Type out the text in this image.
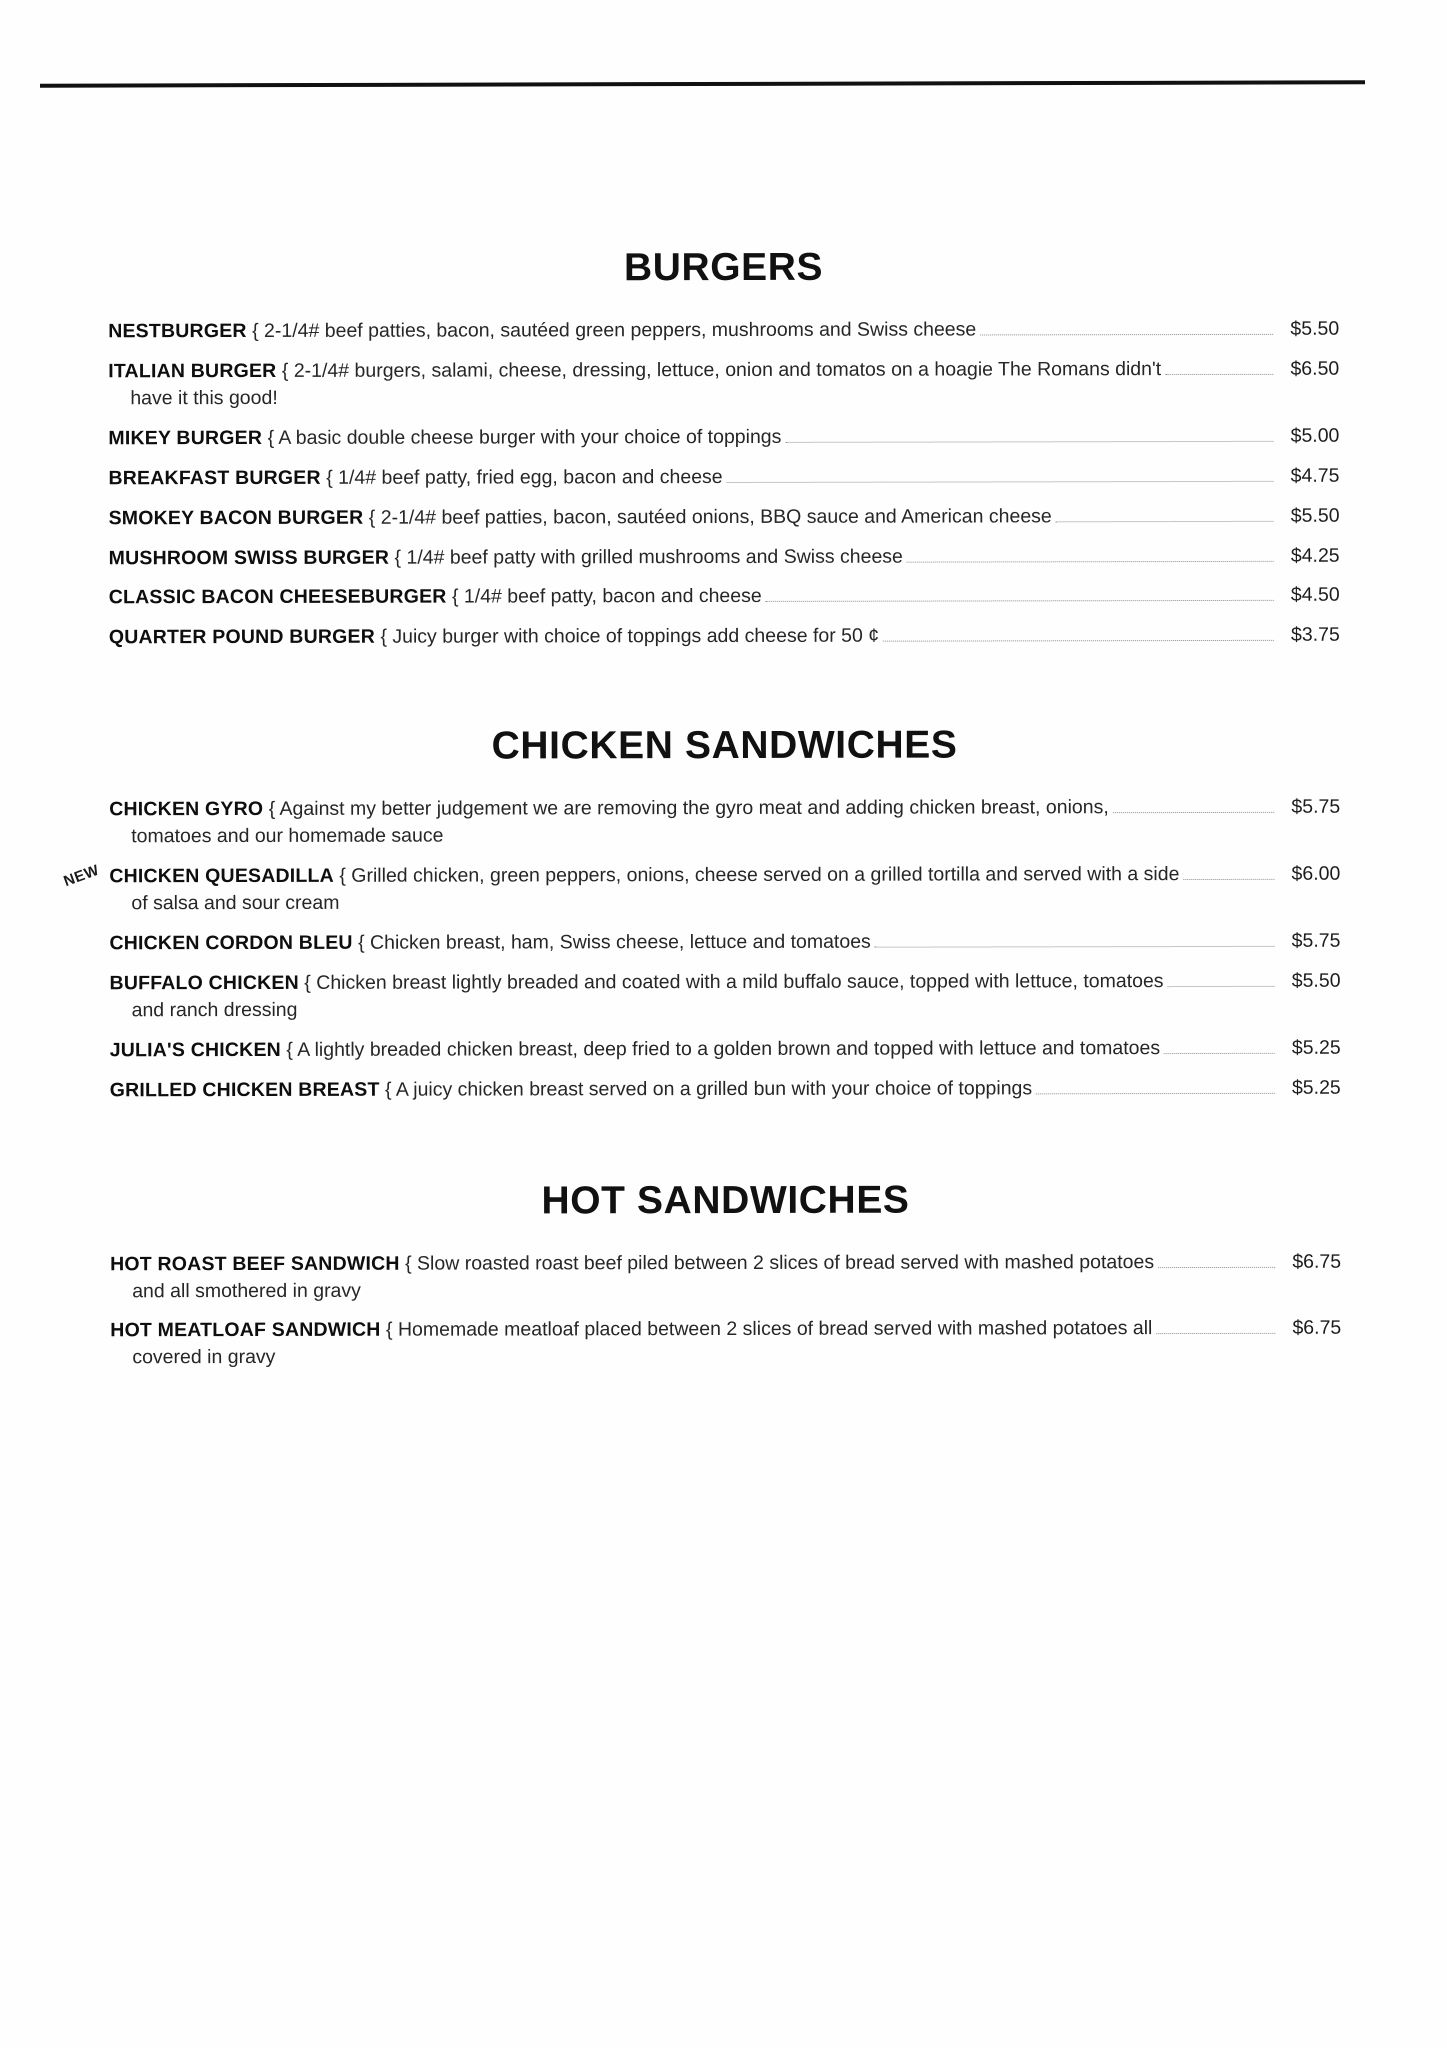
BURGERS
NESTBURGER { 2-1/4# beef patties, bacon, sautéed green peppers, mushrooms and Swiss cheese	$5.50
ITALIAN BURGER { 2-1/4# burgers, salami, cheese, dressing, lettuce, onion and tomatos on a hoagie The Romans didn't	$6.50
have it this good!
MIKEY BURGER { A basic double cheese burger with your choice of toppings	$5.00
BREAKFAST BURGER { 1/4# beef patty, fried egg, bacon and cheese	$4.75
SMOKEY BACON BURGER { 2-1/4# beef patties, bacon, sautéed onions, BBQ sauce and American cheese	$5.50
MUSHROOM SWISS BURGER { 1/4# beef patty with grilled mushrooms and Swiss cheese	$4.25
CLASSIC BACON CHEESEBURGER { 1/4# beef patty, bacon and cheese	$4.50
QUARTER POUND BURGER { Juicy burger with choice of toppings add cheese for 50 ¢	$3.75
CHICKEN SANDWICHES
CHICKEN GYRO { Against my better judgement we are removing the gyro meat and adding chicken breast, onions,	$5.75
tomatoes and our homemade sauce
NEW CHICKEN QUESADILLA { Grilled chicken, green peppers, onions, cheese served on a grilled tortilla and served with a side	$6.00
of salsa and sour cream
CHICKEN CORDON BLEU { Chicken breast, ham, Swiss cheese, lettuce and tomatoes	$5.75
BUFFALO CHICKEN { Chicken breast lightly breaded and coated with a mild buffalo sauce, topped with lettuce, tomatoes	$5.50
and ranch dressing
JULIA'S CHICKEN { A lightly breaded chicken breast, deep fried to a golden brown and topped with lettuce and tomatoes	$5.25
GRILLED CHICKEN BREAST { A juicy chicken breast served on a grilled bun with your choice of toppings	$5.25
HOT SANDWICHES
HOT ROAST BEEF SANDWICH { Slow roasted roast beef piled between 2 slices of bread served with mashed potatoes	$6.75
and all smothered in gravy
HOT MEATLOAF SANDWICH { Homemade meatloaf placed between 2 slices of bread served with mashed potatoes all	$6.75
covered in gravy
